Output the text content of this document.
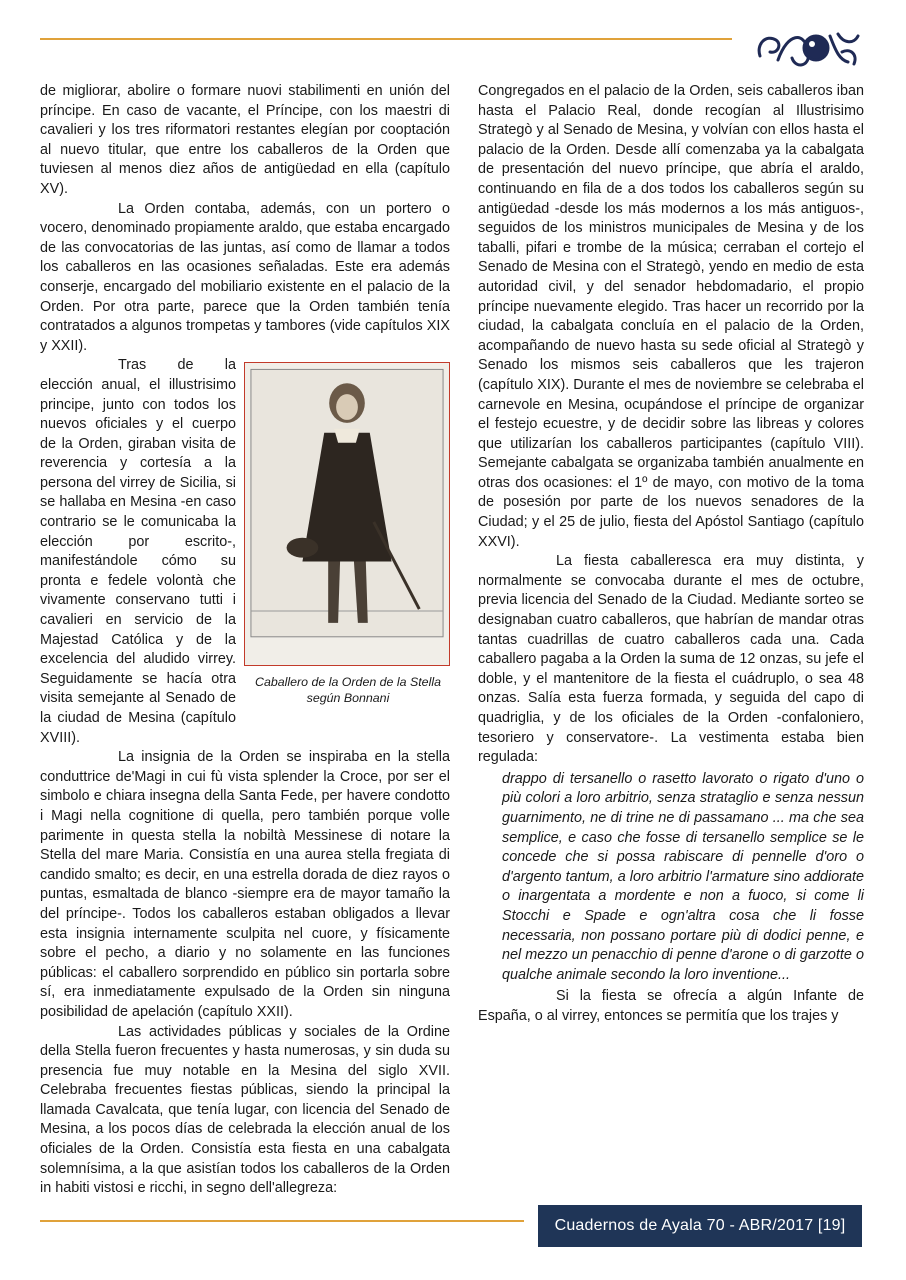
de migliorar, abolire o formare nuovi stabilimenti en unión del príncipe. En caso de vacante, el Príncipe, con los maestri di cavalieri y los tres riformatori restantes elegían por cooptación al nuevo titular, que entre los caballeros de la Orden que tuviesen al menos diez años de antigüedad en ella (capítulo XV).

La Orden contaba, además, con un portero o vocero, denominado propiamente araldo, que estaba encargado de las convocatorias de las juntas, así como de llamar a todos los caballeros en las ocasiones señaladas. Este era además conserje, encargado del mobiliario existente en el palacio de la Orden. Por otra parte, parece que la Orden también tenía contratados a algunos trompetas y tambores (vide capítulos XIX y XXII).

Caballero de la Orden de la Stella
según Bonnani

Tras de la elección anual, el illustrisimo principe, junto con todos los nuevos oficiales y el cuerpo de la Orden, giraban visita de reverencia y cortesía a la persona del virrey de Sicilia, si se hallaba en Mesina -en caso contrario se le comunicaba la elección por escrito-, manifestándole cómo su pronta e fedele volontà che vivamente conservano tutti i cavalieri en servicio de la Majestad Católica y de la excelencia del aludido virrey. Seguidamente se hacía otra visita semejante al Senado de la ciudad de Mesina (capítulo XVIII).

La insignia de la Orden se inspiraba en la stella conduttrice de'Magi in cui fù vista splender la Croce, por ser el simbolo e chiara insegna della Santa Fede, per havere condotto i Magi nella cognitione di quella, pero también porque volle parimente in questa stella la nobiltà Messinese di notare la Stella del mare Maria. Consistía en una aurea stella fregiata di candido smalto; es decir, en una estrella dorada de diez rayos o puntas, esmaltada de blanco -siempre era de mayor tamaño la del príncipe-. Todos los caballeros estaban obligados a llevar esta insignia internamente sculpita nel cuore, y físicamente sobre el pecho, a diario y no solamente en las funciones públicas: el caballero sorprendido en público sin portarla sobre sí, era inmediatamente expulsado de la Orden sin ninguna posibilidad de apelación (capítulo XXII).

Las actividades públicas y sociales de la Ordine della Stella fueron frecuentes y hasta numerosas, y sin duda su presencia fue muy notable en la Mesina del siglo XVII. Celebraba frecuentes fiestas públicas, siendo la principal la llamada Cavalcata, que tenía lugar, con licencia del Senado de Mesina, a los pocos días de celebrada la elección anual de los oficiales de la Orden. Consistía esta fiesta en una cabalgata solemnísima, a la que asistían todos los caballeros de la Orden in habiti vistosi e ricchi, in segno dell'allegreza:

Congregados en el palacio de la Orden, seis caballeros iban hasta el Palacio Real, donde recogían al Illustrisimo Strategò y al Senado de Mesina, y volvían con ellos hasta el palacio de la Orden. Desde allí comenzaba ya la cabalgata de presentación del nuevo príncipe, que abría el araldo, continuando en fila de a dos todos los caballeros según su antigüedad -desde los más modernos a los más antiguos-, seguidos de los ministros municipales de Mesina y de los taballi, pifari e trombe de la música; cerraban el cortejo el Senado de Mesina con el Strategò, yendo en medio de esta autoridad civil, y del senador hebdomadario, el propio príncipe nuevamente elegido. Tras hacer un recorrido por la ciudad, la cabalgata concluía en el palacio de la Orden, acompañando de nuevo hasta su sede oficial al Strategò y Senado los mismos seis caballeros que les trajeron (capítulo XIX). Durante el mes de noviembre se celebraba el carnevole en Mesina, ocupándose el príncipe de organizar el festejo ecuestre, y de decidir sobre las libreas y colores que utilizarían los caballeros participantes (capítulo VIII). Semejante cabalgata se organizaba también anualmente en otras dos ocasiones: el 1º de mayo, con motivo de la toma de posesión por parte de los nuevos senadores de la Ciudad; y el 25 de julio, fiesta del Apóstol Santiago (capítulo XXVI).

La fiesta caballeresca era muy distinta, y normalmente se convocaba durante el mes de octubre, previa licencia del Senado de la Ciudad. Mediante sorteo se designaban cuatro caballeros, que habrían de mandar otras tantas cuadrillas de cuatro caballeros cada una. Cada caballero pagaba a la Orden la suma de 12 onzas, su jefe el doble, y el mantenitore de la fiesta el cuádruplo, o sea 48 onzas. Salía esta fuerza formada, y seguida del capo di quadriglia, y de los oficiales de la Orden -confaloniero, tesoriero y conservatore-. La vestimenta estaba bien regulada:

drappo di tersanello o rasetto lavorato o rigato d'uno o più colori a loro arbitrio, senza strataglio e senza nessun guarnimento, ne di trine ne di passamano ... ma che sea semplice, e caso che fosse di tersanello semplice se le concede che si possa rabiscare di pennelle d'oro o d'argento tantum, a loro arbitrio l'armature sino addiorate o inargentata a mordente e non a fuoco, si come li Stocchi e Spade e ogn'altra cosa che li fosse necessaria, non possano portare più di dodici penne, e nel mezzo un penacchio di penne d'arone o di garzotte o qualche animale secondo la loro inventione...

Si la fiesta se ofrecía a algún Infante de España, o al virrey, entonces se permitía que los trajes y

Cuadernos de Ayala 70 - ABR/2017 [19]
